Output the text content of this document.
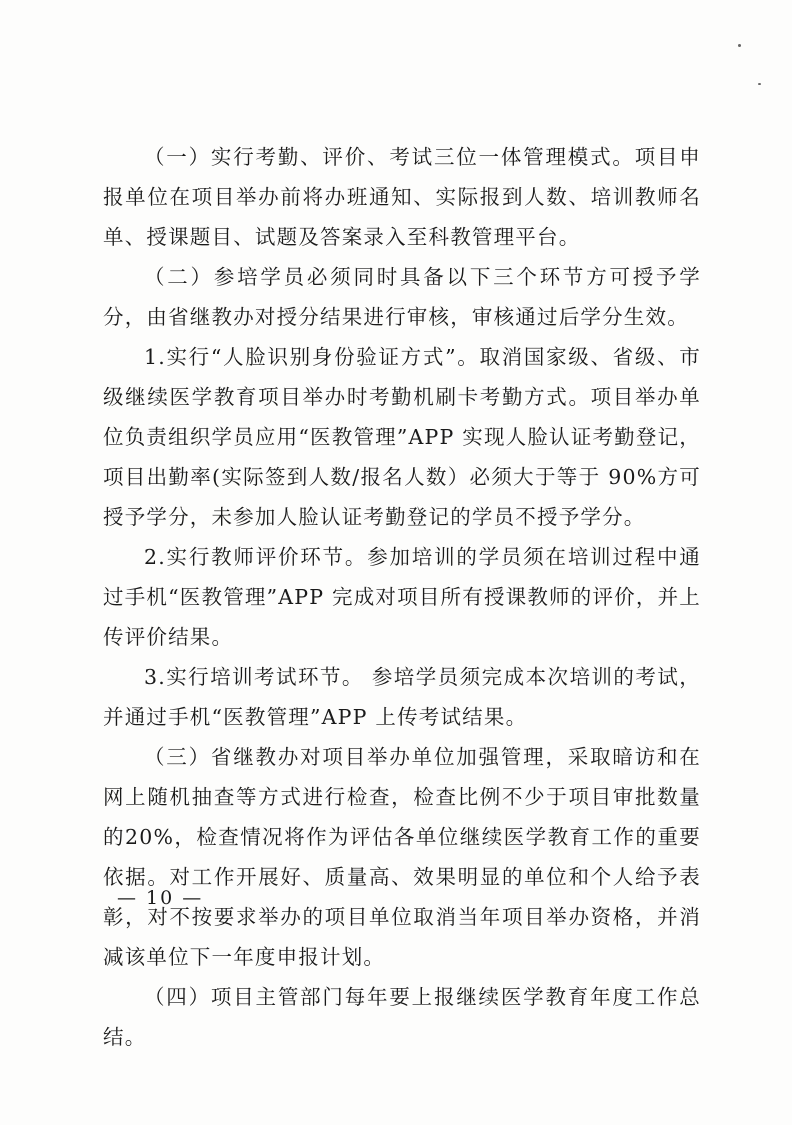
（一）实行考勤、评价、考试三位一体管理模式。项目申报单位在项目举办前将办班通知、实际报到人数、培训教师名单、授课题目、试题及答案录入至科教管理平台。

（二）参培学员必须同时具备以下三个环节方可授予学分，由省继教办对授分结果进行审核，审核通过后学分生效。

1.实行“人脸识别身份验证方式”。取消国家级、省级、市级继续医学教育项目举办时考勤机刷卡考勤方式。项目举办单位负责组织学员应用“医教管理”APP 实现人脸认证考勤登记，项目出勤率(实际签到人数/报名人数）必须大于等于 90%方可授予学分，未参加人脸认证考勤登记的学员不授予学分。

2.实行教师评价环节。参加培训的学员须在培训过程中通过手机“医教管理”APP 完成对项目所有授课教师的评价，并上传评价结果。

3.实行培训考试环节。 参培学员须完成本次培训的考试，并通过手机“医教管理”APP 上传考试结果。

（三）省继教办对项目举办单位加强管理，采取暗访和在网上随机抽查等方式进行检查，检查比例不少于项目审批数量的20%，检查情况将作为评估各单位继续医学教育工作的重要依据。对工作开展好、质量高、效果明显的单位和个人给予表彰，对不按要求举办的项目单位取消当年项目举办资格，并消减该单位下一年度申报计划。

（四）项目主管部门每年要上报继续医学教育年度工作总结。

— 10 —
